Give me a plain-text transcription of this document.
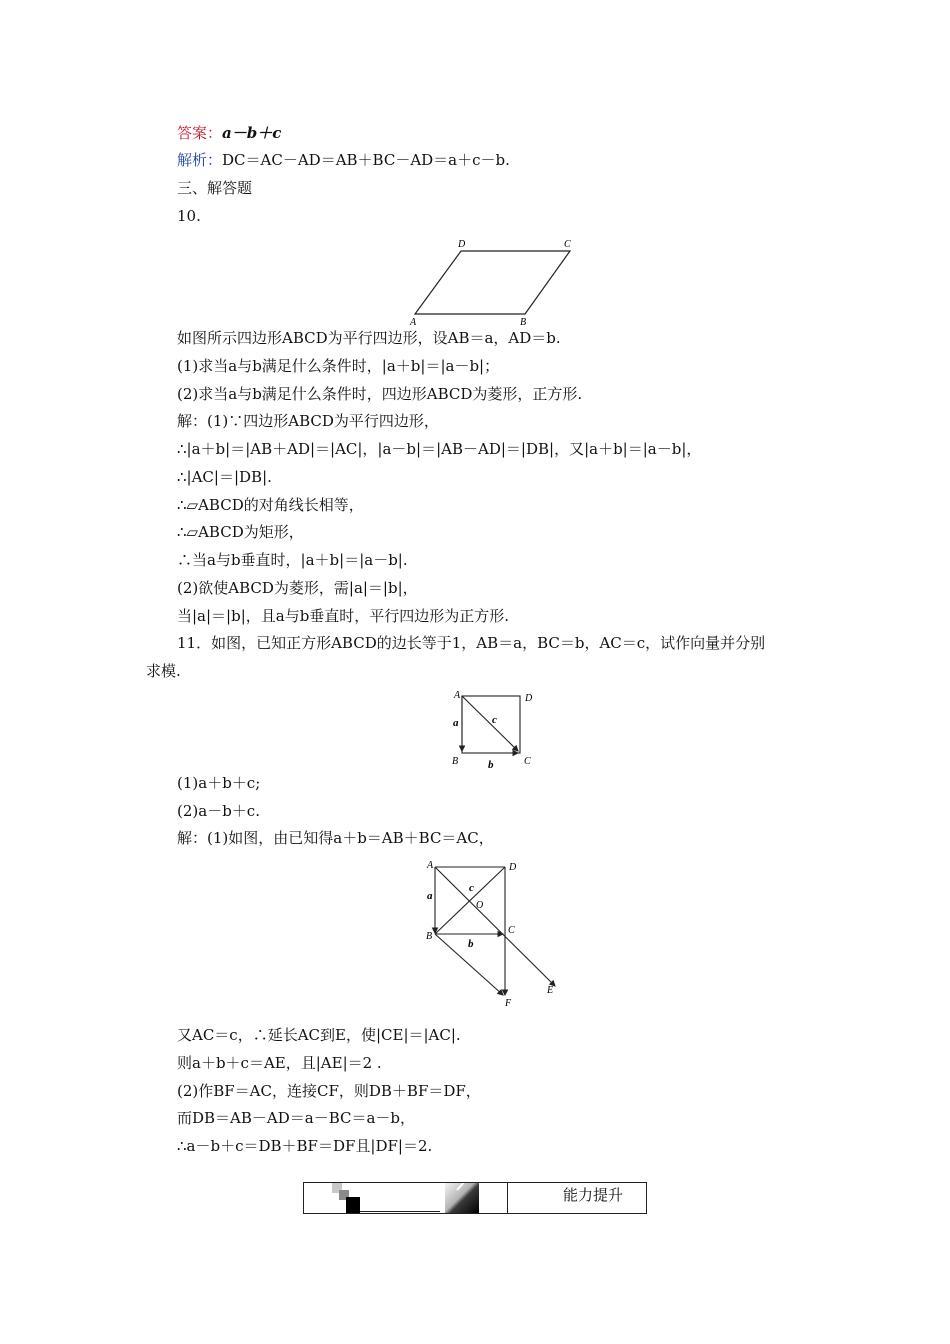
答案：a－b＋c
解析：DC＝AC－AD＝AB＋BC－AD＝a＋c－b.
三、解答题
10.
D	C
A	B
如图所示四边形ABCD为平行四边形，设AB＝a，AD＝b.
(1)求当a与b满足什么条件时，|a＋b|＝|a－b|；
(2)求当a与b满足什么条件时，四边形ABCD为菱形，正方形.
解：(1)∵四边形ABCD为平行四边形，
∴|a＋b|＝|AB＋AD|＝|AC|，|a－b|＝|AB－AD|＝|DB|，又|a＋b|＝|a－b|，
∴|AC|＝|DB|.
∴▱ABCD的对角线长相等，
∴▱ABCD为矩形，
∴当a与b垂直时，|a＋b|＝|a－b|.
(2)欲使ABCD为菱形，需|a|＝|b|，
当|a|＝|b|，且a与b垂直时，平行四边形为正方形.
11．如图，已知正方形ABCD的边长等于1，AB＝a，BC＝b，AC＝c，试作向量并分别
求模.
A	D
B	C
a
b
c
(1)a＋b＋c;
(2)a－b＋c.
解：(1)如图，由已知得a＋b＝AB＋BC＝AC，
A	D
B
C
O
E
F
a
b
c
又AC＝c，∴延长AC到E，使|CE|＝|AC|.
则a＋b＋c＝AE，且|AE|＝2 .
(2)作BF＝AC，连接CF，则DB＋BF＝DF，
而DB＝AB－AD＝a－BC＝a－b，
∴a－b＋c＝DB＋BF＝DF且|DF|＝2.
能力提升
